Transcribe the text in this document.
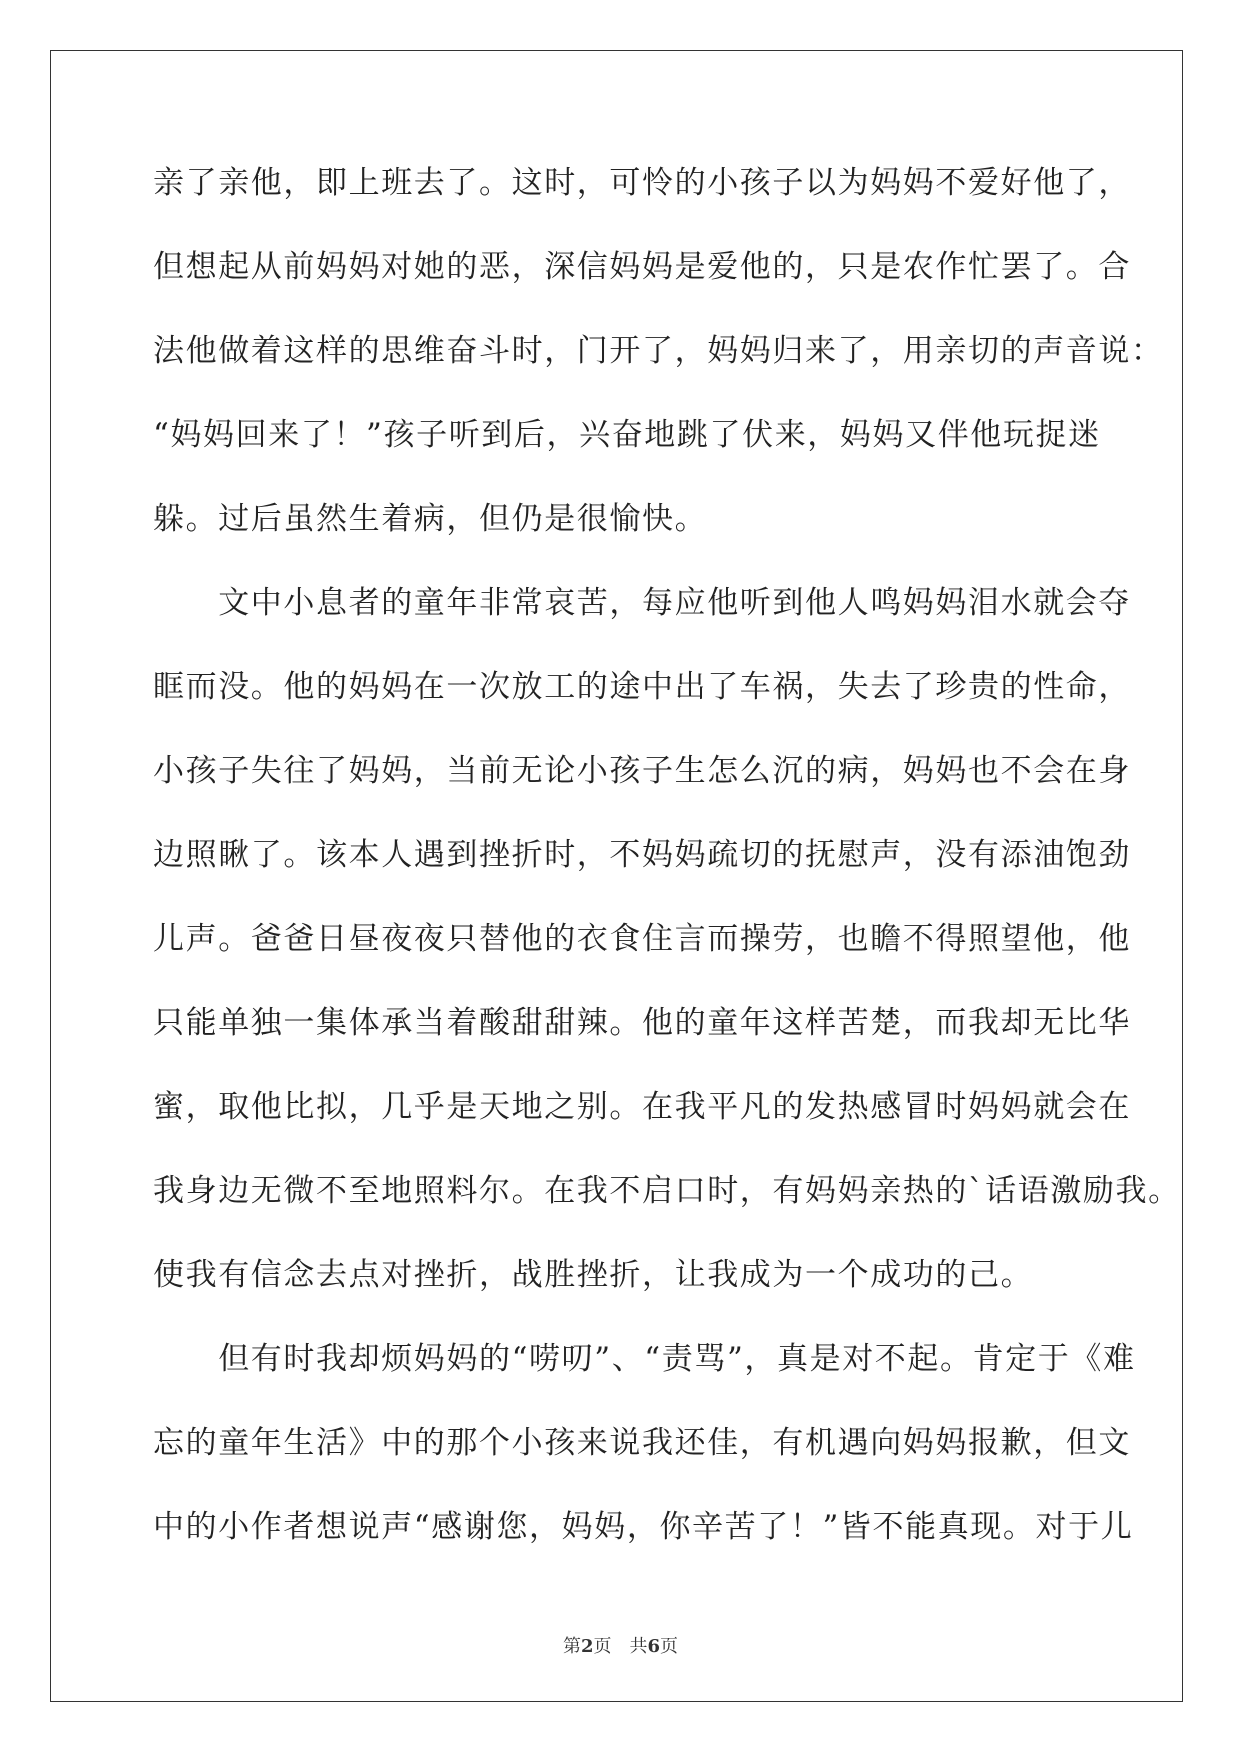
亲了亲他，即上班去了。这时，可怜的小孩子以为妈妈不爱好他了，
但想起从前妈妈对她的恶，深信妈妈是爱他的，只是农作忙罢了。合
法他做着这样的思维奋斗时，门开了，妈妈归来了，用亲切的声音说：
“妈妈回来了！”孩子听到后，兴奋地跳了伏来，妈妈又伴他玩捉迷
躲。过后虽然生着病，但仍是很愉快。
　　文中小息者的童年非常哀苦，每应他听到他人鸣妈妈泪水就会夺
眶而没。他的妈妈在一次放工的途中出了车祸，失去了珍贵的性命，
小孩子失往了妈妈，当前无论小孩子生怎么沉的病，妈妈也不会在身
边照瞅了。该本人遇到挫折时，不妈妈疏切的抚慰声，没有添油饱劲
儿声。爸爸日昼夜夜只替他的衣食住言而操劳，也瞻不得照望他，他
只能单独一集体承当着酸甜甜辣。他的童年这样苦楚，而我却无比华
蜜，取他比拟，几乎是天地之别。在我平凡的发热感冒时妈妈就会在
我身边无微不至地照料尔。在我不启口时，有妈妈亲热的`话语激励我。
使我有信念去点对挫折，战胜挫折，让我成为一个成功的己。
　　但有时我却烦妈妈的“唠叨”、“责骂”，真是对不起。肯定于《难
忘的童年生活》中的那个小孩来说我还佳，有机遇向妈妈报歉，但文
中的小作者想说声“感谢您，妈妈，你辛苦了！”皆不能真现。对于儿
第2页　共6页
